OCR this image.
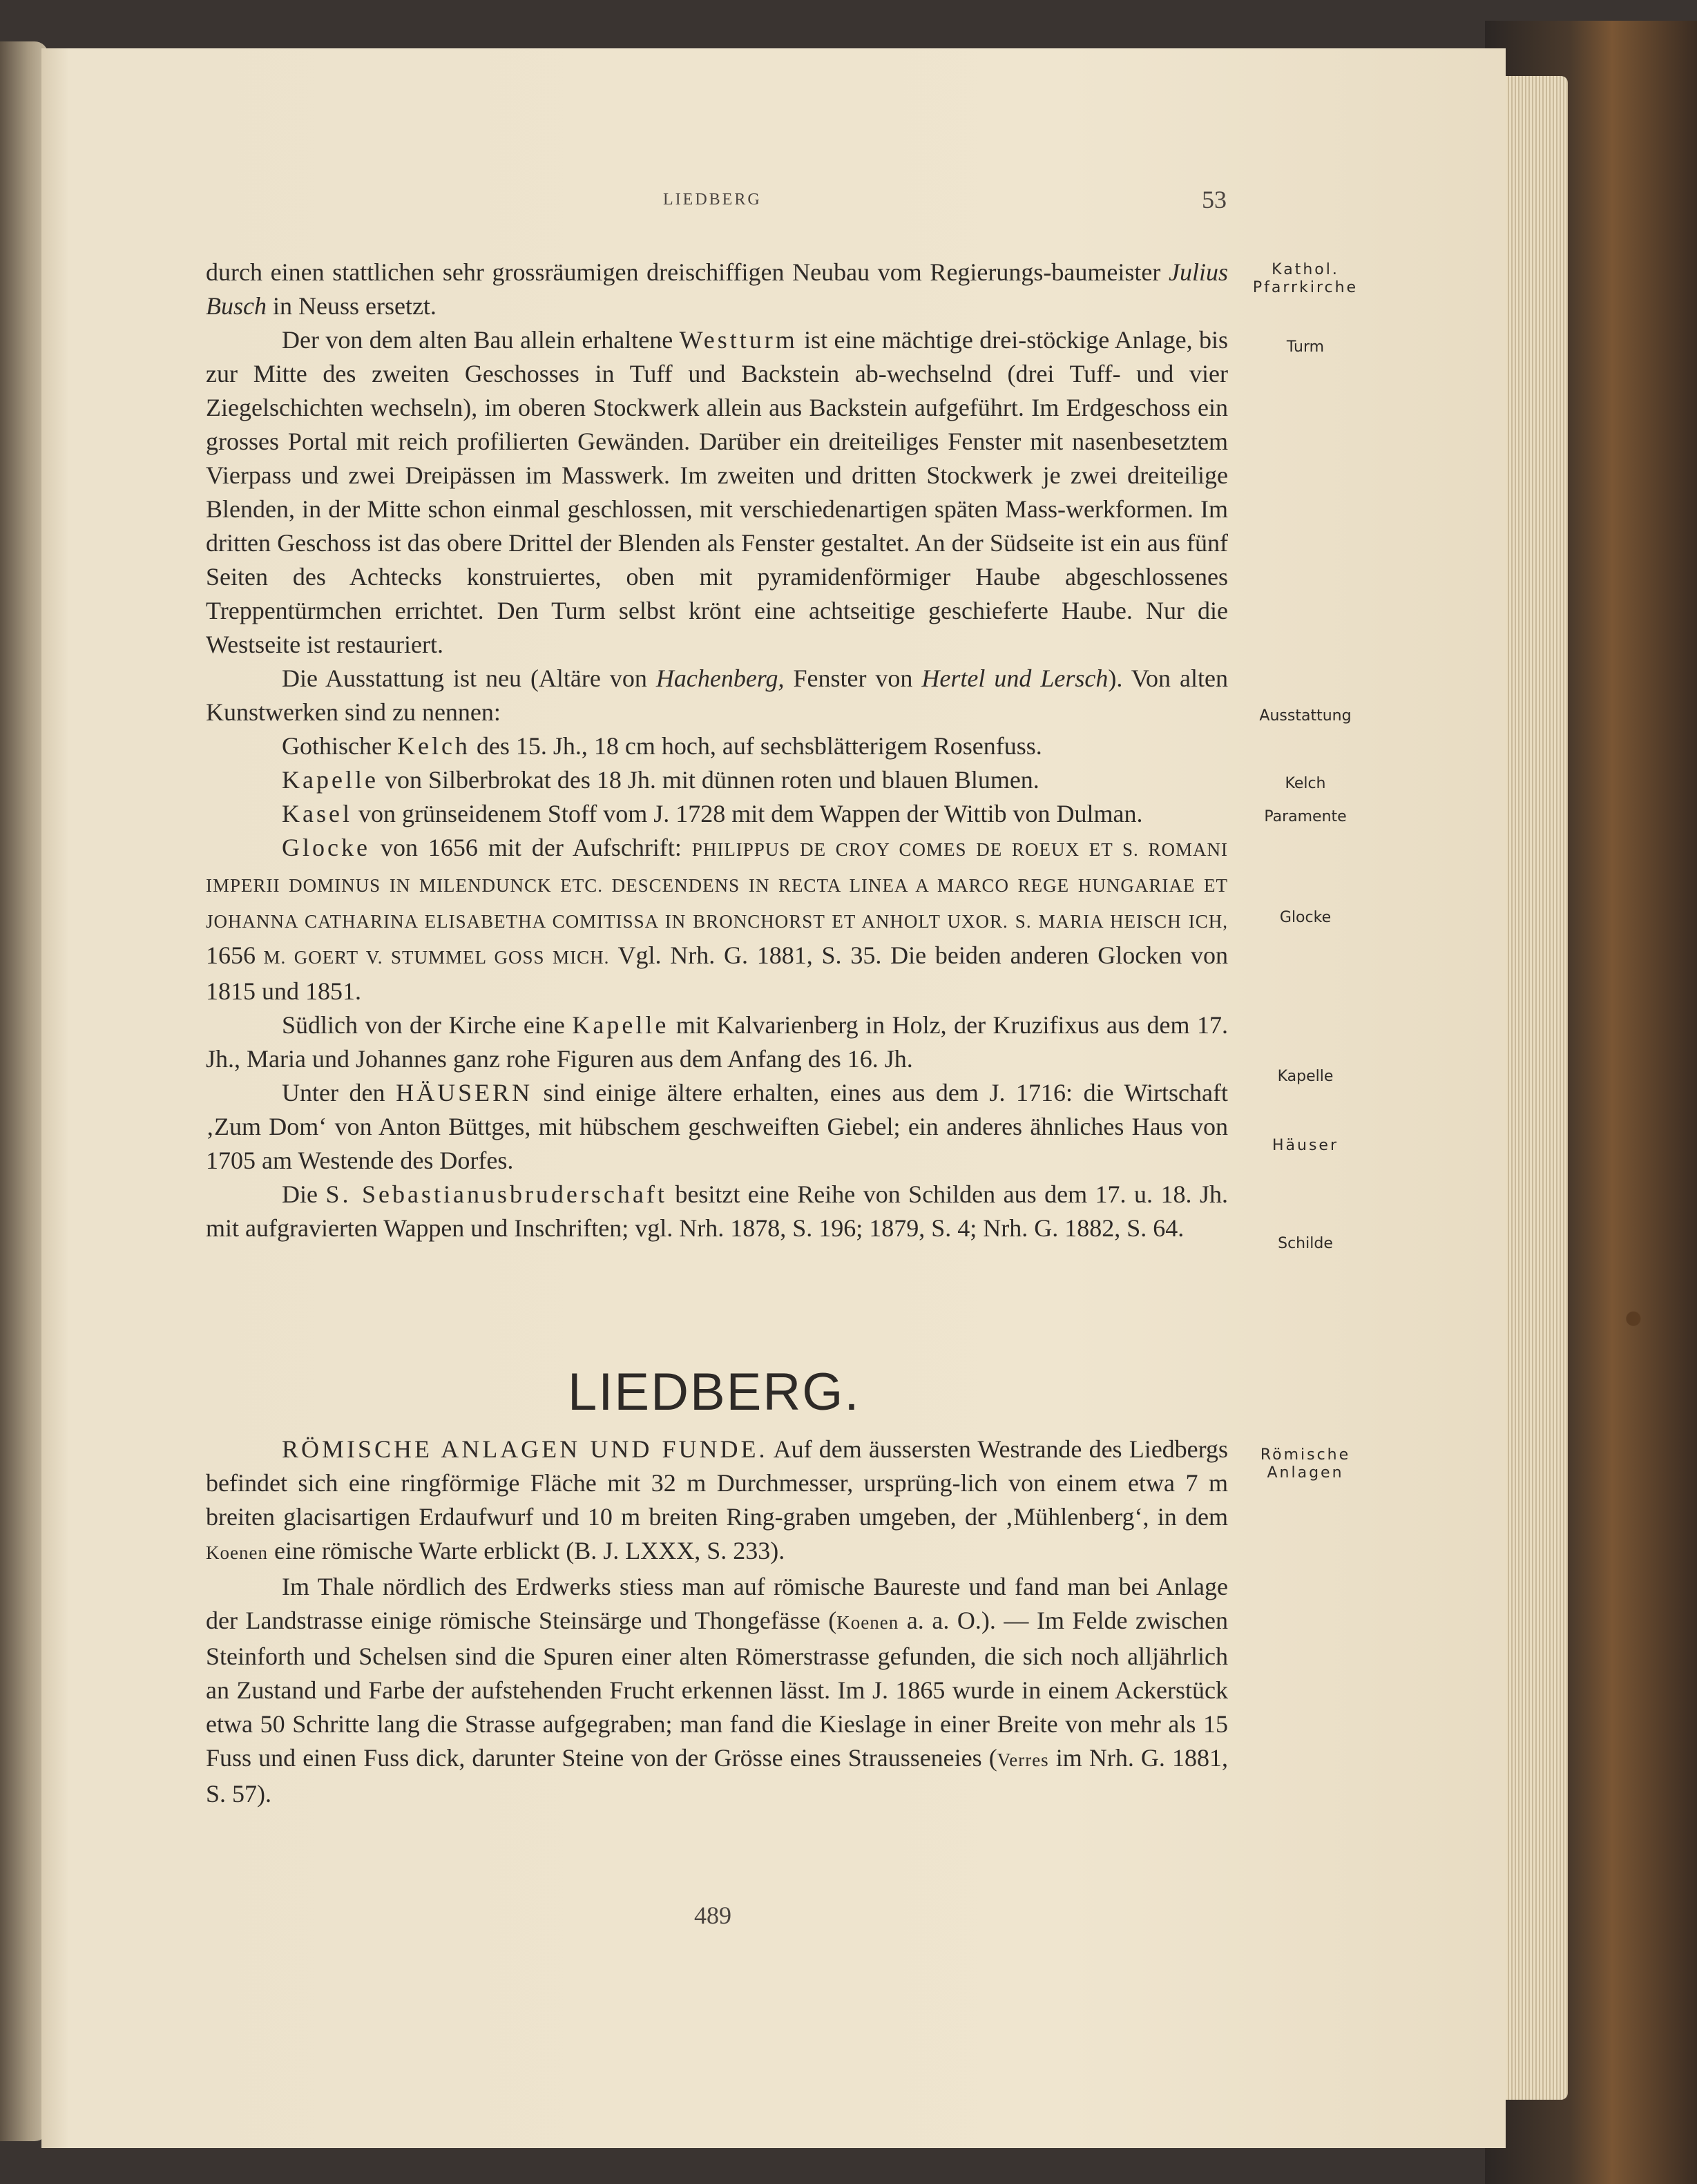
LIEDBERG	53
Kathol.
Pfarrkirche
Turm
Ausstattung
Kelch
Paramente
Glocke
Kapelle
Häuser
Schilde
Römische
Anlagen

durch einen stattlichen sehr grossräumigen dreischiffigen Neubau vom Regierungs-baumeister Julius Busch in Neuss ersetzt.

Der von dem alten Bau allein erhaltene Westturm ist eine mächtige drei-stöckige Anlage, bis zur Mitte des zweiten Geschosses in Tuff und Backstein ab-wechselnd (drei Tuff- und vier Ziegelschichten wechseln), im oberen Stockwerk allein aus Backstein aufgeführt. Im Erdgeschoss ein grosses Portal mit reich profilierten Gewänden. Darüber ein dreiteiliges Fenster mit nasenbesetztem Vierpass und zwei Dreipässen im Masswerk. Im zweiten und dritten Stockwerk je zwei dreiteilige Blenden, in der Mitte schon einmal geschlossen, mit verschiedenartigen späten Mass-werkformen. Im dritten Geschoss ist das obere Drittel der Blenden als Fenster gestaltet. An der Südseite ist ein aus fünf Seiten des Achtecks konstruiertes, oben mit pyramidenförmiger Haube abgeschlossenes Treppentürmchen errichtet. Den Turm selbst krönt eine achtseitige geschieferte Haube. Nur die Westseite ist restauriert.

Die Ausstattung ist neu (Altäre von Hachenberg, Fenster von Hertel und Lersch). Von alten Kunstwerken sind zu nennen:

Gothischer Kelch des 15. Jh., 18 cm hoch, auf sechsblätterigem Rosenfuss.

Kapelle von Silberbrokat des 18 Jh. mit dünnen roten und blauen Blumen.

Kasel von grünseidenem Stoff vom J. 1728 mit dem Wappen der Wittib von Dulman.

Glocke von 1656 mit der Aufschrift: PHILIPPUS DE CROY COMES DE ROEUX ET S. ROMANI IMPERII DOMINUS IN MILENDUNCK ETC. DESCENDENS IN RECTA LINEA A MARCO REGE HUNGARIAE ET JOHANNA CATHARINA ELISABETHA COMITISSA IN BRONCHORST ET ANHOLT UXOR. S. MARIA HEISCH ICH, 1656 M. GOERT V. STUMMEL GOSS MICH. Vgl. Nrh. G. 1881, S. 35. Die beiden anderen Glocken von 1815 und 1851.

Südlich von der Kirche eine Kapelle mit Kalvarienberg in Holz, der Kruzifixus aus dem 17. Jh., Maria und Johannes ganz rohe Figuren aus dem Anfang des 16. Jh.

Unter den HÄUSERN sind einige ältere erhalten, eines aus dem J. 1716: die Wirtschaft ‚Zum Dom‘ von Anton Büttges, mit hübschem geschweiften Giebel; ein anderes ähnliches Haus von 1705 am Westende des Dorfes.

Die S. Sebastianusbruderschaft besitzt eine Reihe von Schilden aus dem 17. u. 18. Jh. mit aufgravierten Wappen und Inschriften; vgl. Nrh. 1878, S. 196; 1879, S. 4; Nrh. G. 1882, S. 64.

LIEDBERG.

RÖMISCHE ANLAGEN UND FUNDE. Auf dem äussersten Westrande des Liedbergs befindet sich eine ringförmige Fläche mit 32 m Durchmesser, ursprüng-lich von einem etwa 7 m breiten glacisartigen Erdaufwurf und 10 m breiten Ring-graben umgeben, der ‚Mühlenberg‘, in dem Koenen eine römische Warte erblickt (B. J. LXXX, S. 233).

Im Thale nördlich des Erdwerks stiess man auf römische Baureste und fand man bei Anlage der Landstrasse einige römische Steinsärge und Thongefässe (Koenen a. a. O.). — Im Felde zwischen Steinforth und Schelsen sind die Spuren einer alten Römerstrasse gefunden, die sich noch alljährlich an Zustand und Farbe der aufstehenden Frucht erkennen lässt. Im J. 1865 wurde in einem Ackerstück etwa 50 Schritte lang die Strasse aufgegraben; man fand die Kieslage in einer Breite von mehr als 15 Fuss und einen Fuss dick, darunter Steine von der Grösse eines Strausseneies (Verres im Nrh. G. 1881, S. 57).

489
